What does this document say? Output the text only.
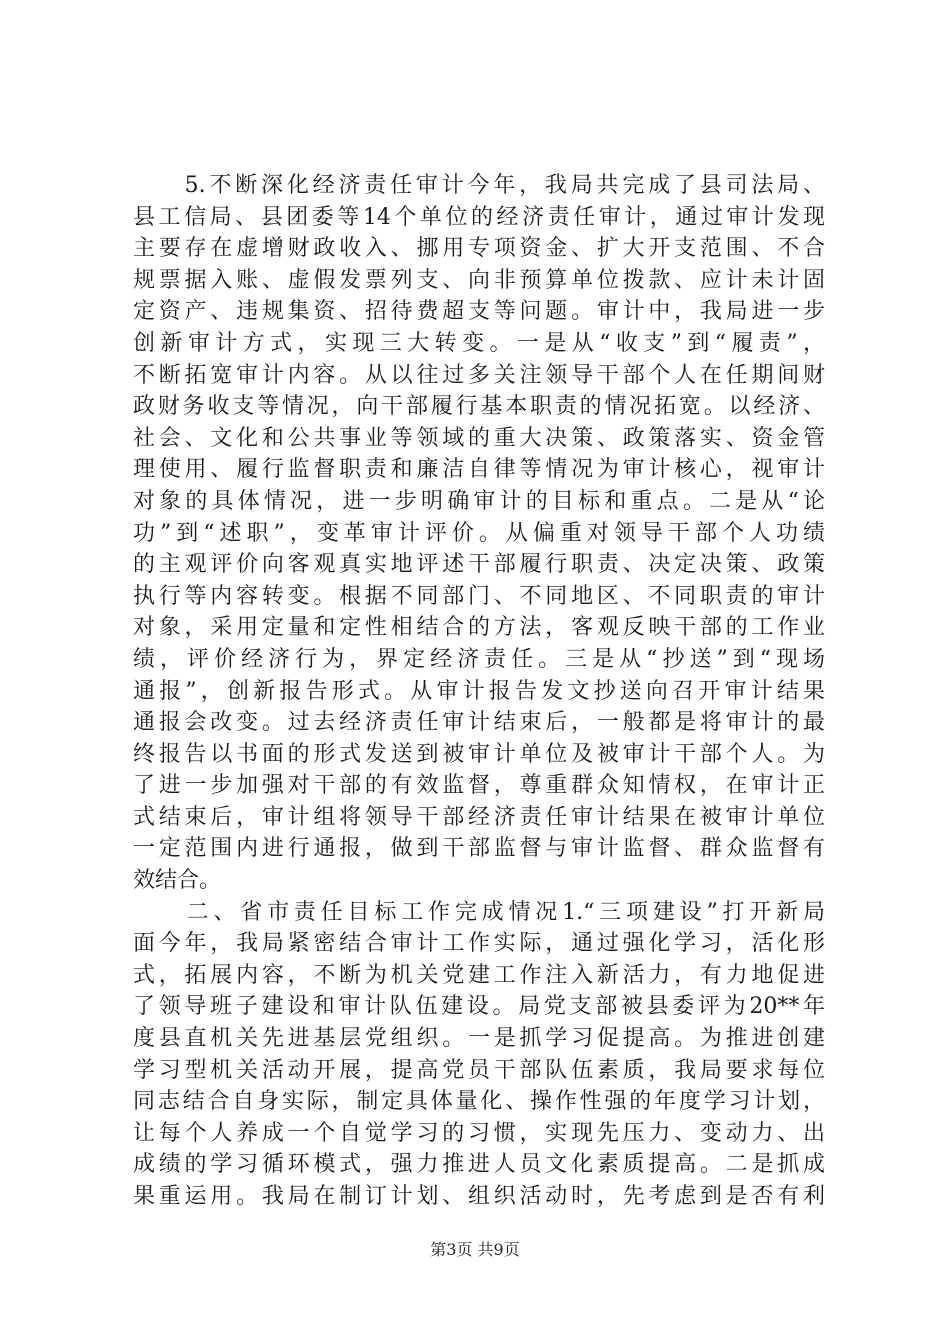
　　5.不断深化经济责任审计今年，我局共完成了县司法局、
县工信局、县团委等14个单位的经济责任审计，通过审计发现
主要存在虚增财政收入、挪用专项资金、扩大开支范围、不合
规票据入账、虚假发票列支、向非预算单位拨款、应计未计固
定资产、违规集资、招待费超支等问题。审计中，我局进一步
创新审计方式，实现三大转变。一是从“收支”到“履责”，
不断拓宽审计内容。从以往过多关注领导干部个人在任期间财
政财务收支等情况，向干部履行基本职责的情况拓宽。以经济、
社会、文化和公共事业等领域的重大决策、政策落实、资金管
理使用、履行监督职责和廉洁自律等情况为审计核心，视审计
对象的具体情况，进一步明确审计的目标和重点。二是从“论
功”到“述职”，变革审计评价。从偏重对领导干部个人功绩
的主观评价向客观真实地评述干部履行职责、决定决策、政策
执行等内容转变。根据不同部门、不同地区、不同职责的审计
对象，采用定量和定性相结合的方法，客观反映干部的工作业
绩，评价经济行为，界定经济责任。三是从“抄送”到“现场
通报”，创新报告形式。从审计报告发文抄送向召开审计结果
通报会改变。过去经济责任审计结束后，一般都是将审计的最
终报告以书面的形式发送到被审计单位及被审计干部个人。为
了进一步加强对干部的有效监督，尊重群众知情权，在审计正
式结束后，审计组将领导干部经济责任审计结果在被审计单位
一定范围内进行通报，做到干部监督与审计监督、群众监督有
效结合。
　　二、省市责任目标工作完成情况1.“三项建设”打开新局
面今年，我局紧密结合审计工作实际，通过强化学习，活化形
式，拓展内容，不断为机关党建工作注入新活力，有力地促进
了领导班子建设和审计队伍建设。局党支部被县委评为20**年
度县直机关先进基层党组织。一是抓学习促提高。为推进创建
学习型机关活动开展，提高党员干部队伍素质，我局要求每位
同志结合自身实际，制定具体量化、操作性强的年度学习计划，
让每个人养成一个自觉学习的习惯，实现先压力、变动力、出
成绩的学习循环模式，强力推进人员文化素质提高。二是抓成
果重运用。我局在制订计划、组织活动时，先考虑到是否有利
第3页 共9页
